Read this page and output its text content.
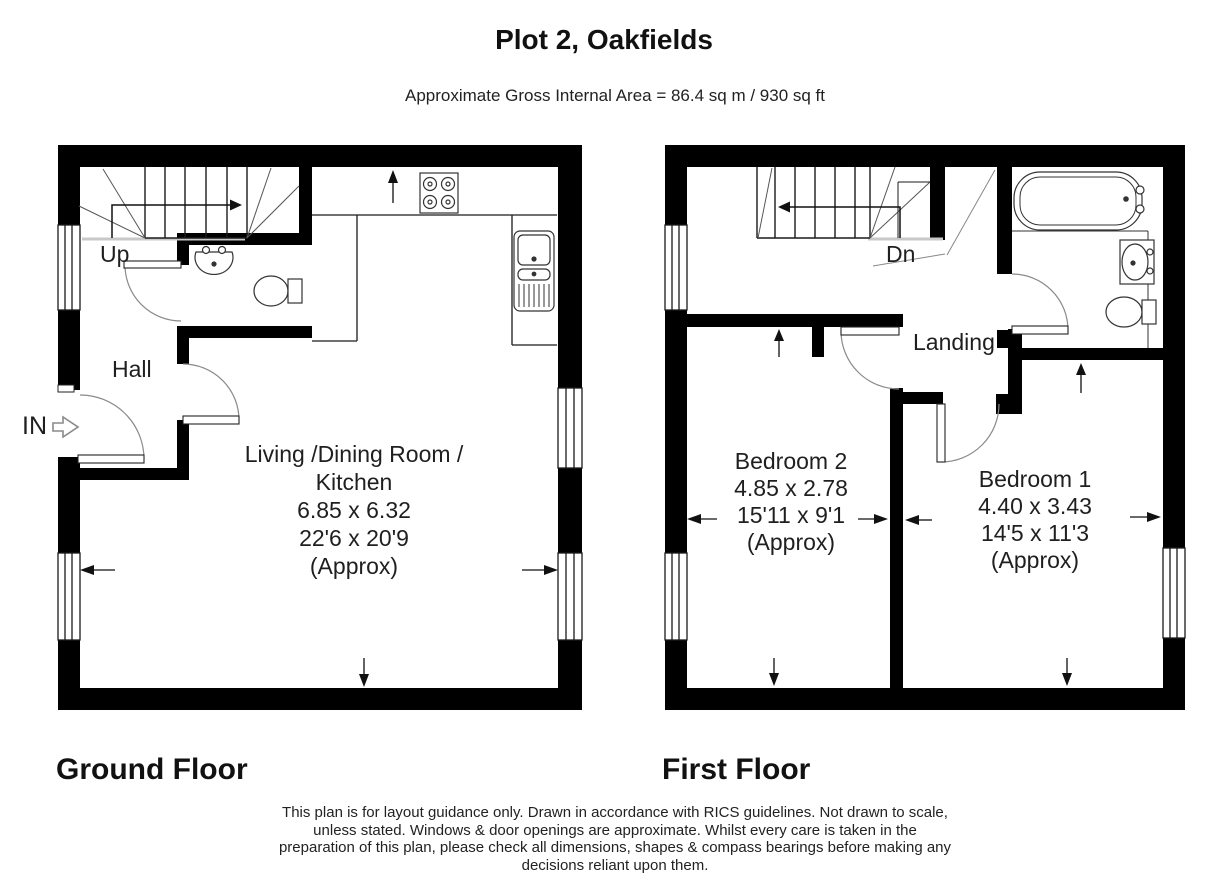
Plot 2, Oakfields
Approximate Gross Internal Area = 86.4 sq m / 930 sq ft
Up
Hall
IN
Living /Dining Room /
Kitchen
6.85 x 6.32
22'6 x 20'9
(Approx)
Dn
Landing
Bedroom 2
4.85 x 2.78
15'11 x 9'1
(Approx)
Bedroom 1
4.40 x 3.43
14'5 x 11'3
(Approx)
Ground Floor	First Floor
This plan is for layout guidance only. Drawn in accordance with RICS guidelines. Not drawn to scale,
unless stated. Windows & door openings are approximate. Whilst every care is taken in the
preparation of this plan, please check all dimensions, shapes & compass bearings before making any
decisions reliant upon them.
